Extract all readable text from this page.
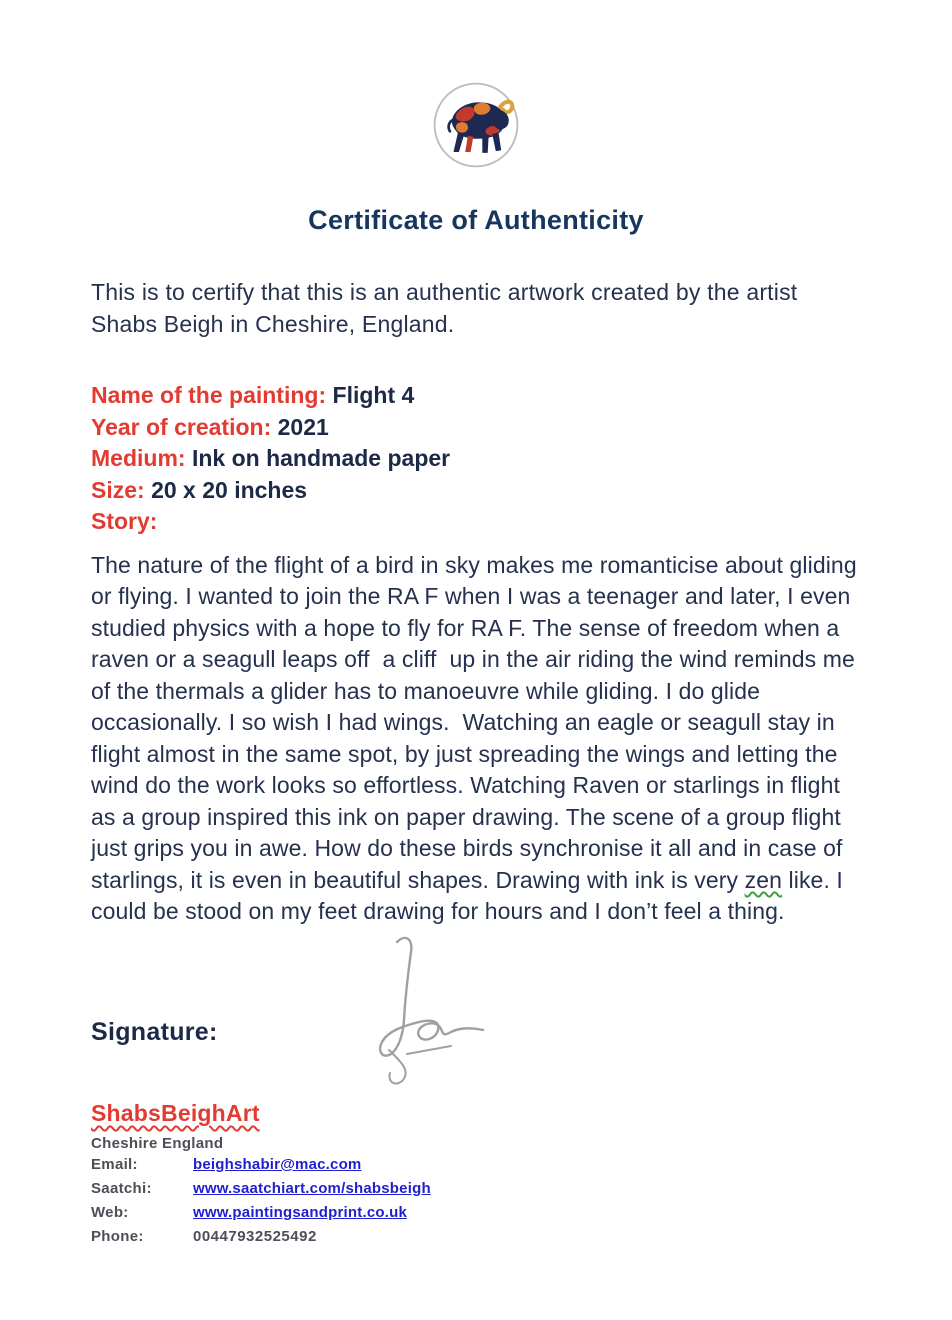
Certificate of Authenticity

This is to certify that this is an authentic artwork created by the artist Shabs Beigh in Cheshire, England.

Name of the painting: Flight 4
Year of creation: 2021
Medium: Ink on handmade paper
Size: 20 x 20 inches
Story:

The nature of the flight of a bird in sky makes me romanticise about gliding or flying. I wanted to join the RA F when I was a teenager and later, I even studied physics with a hope to fly for RA F. The sense of freedom when a raven or a seagull leaps off  a cliff  up in the air riding the wind reminds me of the thermals a glider has to manoeuvre while gliding. I do glide occasionally. I so wish I had wings.  Watching an eagle or seagull stay in flight almost in the same spot, by just spreading the wings and letting the wind do the work looks so effortless. Watching Raven or starlings in flight as a group inspired this ink on paper drawing. The scene of a group flight just grips you in awe. How do these birds synchronise it all and in case of starlings, it is even in beautiful shapes. Drawing with ink is very zen like. I could be stood on my feet drawing for hours and I don’t feel a thing.

Signature:
ShabsBeighArt
Cheshire England
Email:	beighshabir@mac.com
Saatchi:	www.saatchiart.com/shabsbeigh
Web:	www.paintingsandprint.co.uk
Phone:	00447932525492
